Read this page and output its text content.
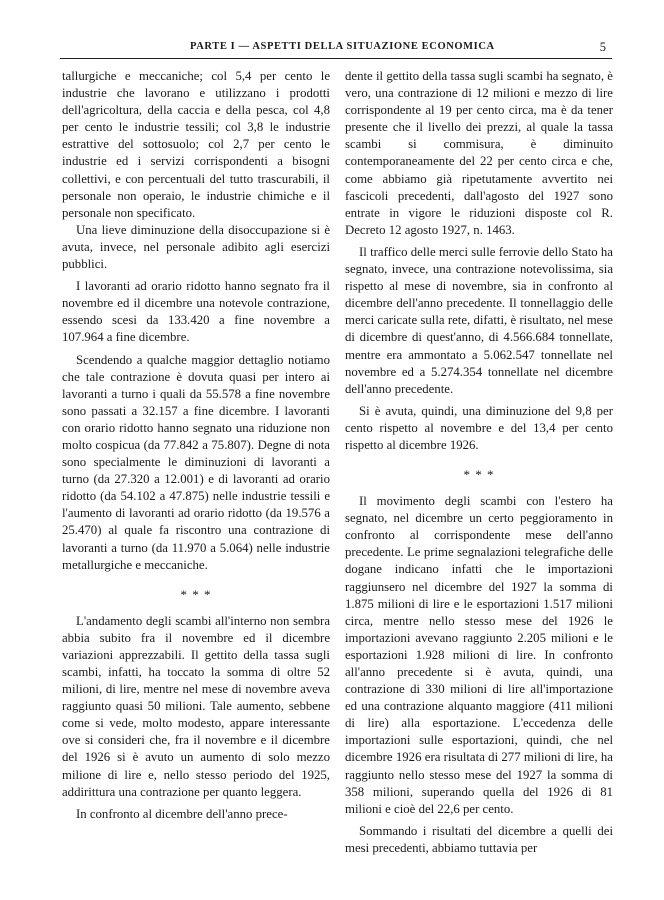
PARTE I — ASPETTI DELLA SITUAZIONE ECONOMICA	5

tallurgiche e meccaniche; col 5,4 per cento le industrie che lavorano e utilizzano i prodotti dell'agricoltura, della caccia e della pesca, col 4,8 per cento le industrie tessili; col 3,8 le industrie estrattive del sottosuolo; col 2,7 per cento le industrie ed i servizi corrispondenti a bisogni collettivi, e con percentuali del tutto trascurabili, il personale non operaio, le industrie chimiche e il personale non specificato.

Una lieve diminuzione della disoccupazione si è avuta, invece, nel personale adibito agli esercizi pubblici.

I lavoranti ad orario ridotto hanno segnato fra il novembre ed il dicembre una notevole contrazione, essendo scesi da 133.420 a fine novembre a 107.964 a fine dicembre.

Scendendo a qualche maggior dettaglio notiamo che tale contrazione è dovuta quasi per intero ai lavoranti a turno i quali da 55.578 a fine novembre sono passati a 32.157 a fine dicembre. I lavoranti con orario ridotto hanno segnato una riduzione non molto cospicua (da 77.842 a 75.807). Degne di nota sono specialmente le diminuzioni di lavoranti a turno (da 27.320 a 12.001) e di lavoranti ad orario ridotto (da 54.102 a 47.875) nelle industrie tessili e l'aumento di lavoranti ad orario ridotto (da 19.576 a 25.470) al quale fa riscontro una contrazione di lavoranti a turno (da 11.970 a 5.064) nelle industrie metallurgiche e meccaniche.

* * *

L'andamento degli scambi all'interno non sembra abbia subito fra il novembre ed il dicembre variazioni apprezzabili. Il gettito della tassa sugli scambi, infatti, ha toccato la somma di oltre 52 milioni, di lire, mentre nel mese di novembre aveva raggiunto quasi 50 milioni. Tale aumento, sebbene come si vede, molto modesto, appare interessante ove si consideri che, fra il novembre e il dicembre del 1926 si è avuto un aumento di solo mezzo milione di lire e, nello stesso periodo del 1925, addirittura una contrazione per quanto leggera.

In confronto al dicembre dell'anno prece-

dente il gettito della tassa sugli scambi ha segnato, è vero, una contrazione di 12 milioni e mezzo di lire corrispondente al 19 per cento circa, ma è da tener presente che il livello dei prezzi, al quale la tassa scambi si commisura, è diminuito contemporaneamente del 22 per cento circa e che, come abbiamo già ripetutamente avvertito nei fascicoli precedenti, dall'agosto del 1927 sono entrate in vigore le riduzioni disposte col R. Decreto 12 agosto 1927, n. 1463.

Il traffico delle merci sulle ferrovie dello Stato ha segnato, invece, una contrazione notevolissima, sia rispetto al mese di novembre, sia in confronto al dicembre dell'anno precedente. Il tonnellaggio delle merci caricate sulla rete, difatti, è risultato, nel mese di dicembre di quest'anno, di 4.566.684 tonnellate, mentre era ammontato a 5.062.547 tonnellate nel novembre ed a 5.274.354 tonnellate nel dicembre dell'anno precedente.

Si è avuta, quindi, una diminuzione del 9,8 per cento rispetto al novembre e del 13,4 per cento rispetto al dicembre 1926.

* * *

Il movimento degli scambi con l'estero ha segnato, nel dicembre un certo peggioramento in confronto al corrispondente mese dell'anno precedente. Le prime segnalazioni telegrafiche delle dogane indicano infatti che le importazioni raggiunsero nel dicembre del 1927 la somma di 1.875 milioni di lire e le esportazioni 1.517 milioni circa, mentre nello stesso mese del 1926 le importazioni avevano raggiunto 2.205 milioni e le esportazioni 1.928 milioni di lire. In confronto all'anno precedente si è avuta, quindi, una contrazione di 330 milioni di lire all'importazione ed una contrazione alquanto maggiore (411 milioni di lire) alla esportazione. L'eccedenza delle importazioni sulle esportazioni, quindi, che nel dicembre 1926 era risultata di 277 milioni di lire, ha raggiunto nello stesso mese del 1927 la somma di 358 milioni, superando quella del 1926 di 81 milioni e cioè del 22,6 per cento.

Sommando i risultati del dicembre a quelli dei mesi precedenti, abbiamo tuttavia per
